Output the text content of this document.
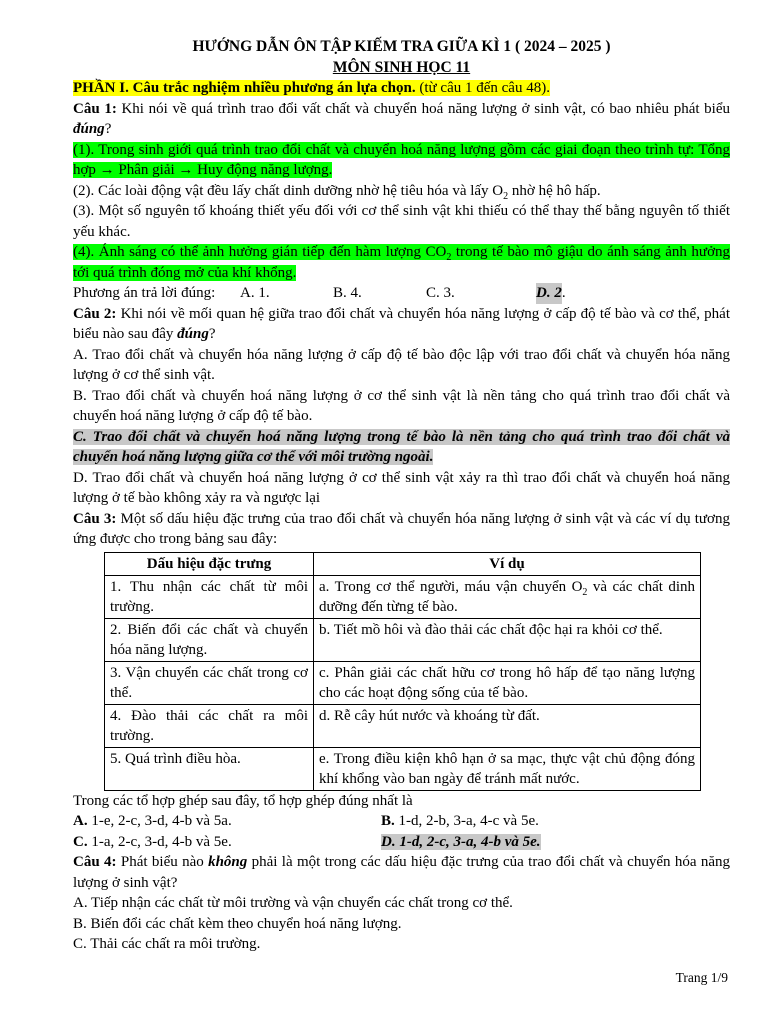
HƯỚNG DẪN ÔN TẬP KIẾM TRA GIỮA KÌ 1 ( 2024 – 2025 )

MÔN SINH HỌC 11

PHẦN I. Câu trắc nghiệm nhiều phương án lựa chọn. (từ câu 1 đến câu 48).

Câu 1: Khi nói về quá trình trao đổi vất chất và chuyển hoá năng lượng ở sinh vật, có bao nhiêu phát biểu đúng?

(1). Trong sinh giới quá trình trao đổi chất và chuyển hoá năng lượng gồm các giai đoạn theo trình tự: Tổng hợp → Phân giải → Huy động năng lượng.

(2). Các loài động vật đều lấy chất dinh dưỡng nhờ hệ tiêu hóa và lấy $O_2$ nhờ hệ hô hấp.

(3). Một số nguyên tố khoáng thiết yếu đối với cơ thể sinh vật khi thiếu có thể thay thế bằng nguyên tố thiết yếu khác.

(4). Ánh sáng có thể ảnh hưởng gián tiếp đến hàm lượng $CO_2$ trong tế bào mô giậu do ánh sáng ảnh hưởng tới quá trình đóng mở của khí khổng.

Phương án trả lời đúng:	A. 1.	B. 4.	C. 3.	D. 2.

Câu 2: Khi nói về mối quan hệ giữa trao đổi chất và chuyển hóa năng lượng ở cấp độ tế bào và cơ thể, phát biểu nào sau đây đúng?

A. Trao đổi chất và chuyển hóa năng lượng ở cấp độ tế bào độc lập với trao đổi chất và chuyển hóa năng lượng ở cơ thể sinh vật.

B. Trao đổi chất và chuyển hoá năng lượng ở cơ thể sinh vật là nền tảng cho quá trình trao đổi chất và chuyển hoá năng lượng ở cấp độ tế bào.

C. Trao đổi chất và chuyển hoá năng lượng trong tế bào là nền tảng cho quá trình trao đổi chất và chuyển hoá năng lượng giữa cơ thể với môi trường ngoài.

D. Trao đổi chất và chuyển hoá năng lượng ở cơ thể sinh vật xảy ra thì trao đổi chất và chuyển hoá năng lượng ở tế bào không xảy ra và ngược lại

Câu 3: Một số dấu hiệu đặc trưng của trao đổi chất và chuyển hóa năng lượng ở sinh vật và các ví dụ tương ứng được cho trong bảng sau đây:

Dấu hiệu đặc trưng	Ví dụ
1. Thu nhận các chất từ môi trường.	a. Trong cơ thể người, máu vận chuyển $O_2$ và các chất dinh dưỡng đến từng tế bào.
2. Biến đổi các chất và chuyển hóa năng lượng.	b. Tiết mồ hôi và đào thải các chất độc hại ra khỏi cơ thể.
3. Vận chuyển các chất trong cơ thể.	c. Phân giải các chất hữu cơ trong hô hấp để tạo năng lượng cho các hoạt động sống của tế bào.
4. Đào thải các chất ra môi trường.	d. Rễ cây hút nước và khoáng từ đất.
5. Quá trình điều hòa.	e. Trong điều kiện khô hạn ở sa mạc, thực vật chủ động đóng khí khổng vào ban ngày để tránh mất nước.

Trong các tổ hợp ghép sau đây, tổ hợp ghép đúng nhất là

A. 1-e, 2-c, 3-d, 4-b và 5a.	B. 1-d, 2-b, 3-a, 4-c và 5e.
C. 1-a, 2-c, 3-d, 4-b và 5e.	D. 1-d, 2-c, 3-a, 4-b và 5e.

Câu 4: Phát biểu nào không phải là một trong các dấu hiệu đặc trưng của trao đổi chất và chuyển hóa năng lượng ở sinh vật?

A. Tiếp nhận các chất từ môi trường và vận chuyển các chất trong cơ thể.

B. Biến đổi các chất kèm theo chuyển hoá năng lượng.

C. Thải các chất ra môi trường.

Trang 1/9
